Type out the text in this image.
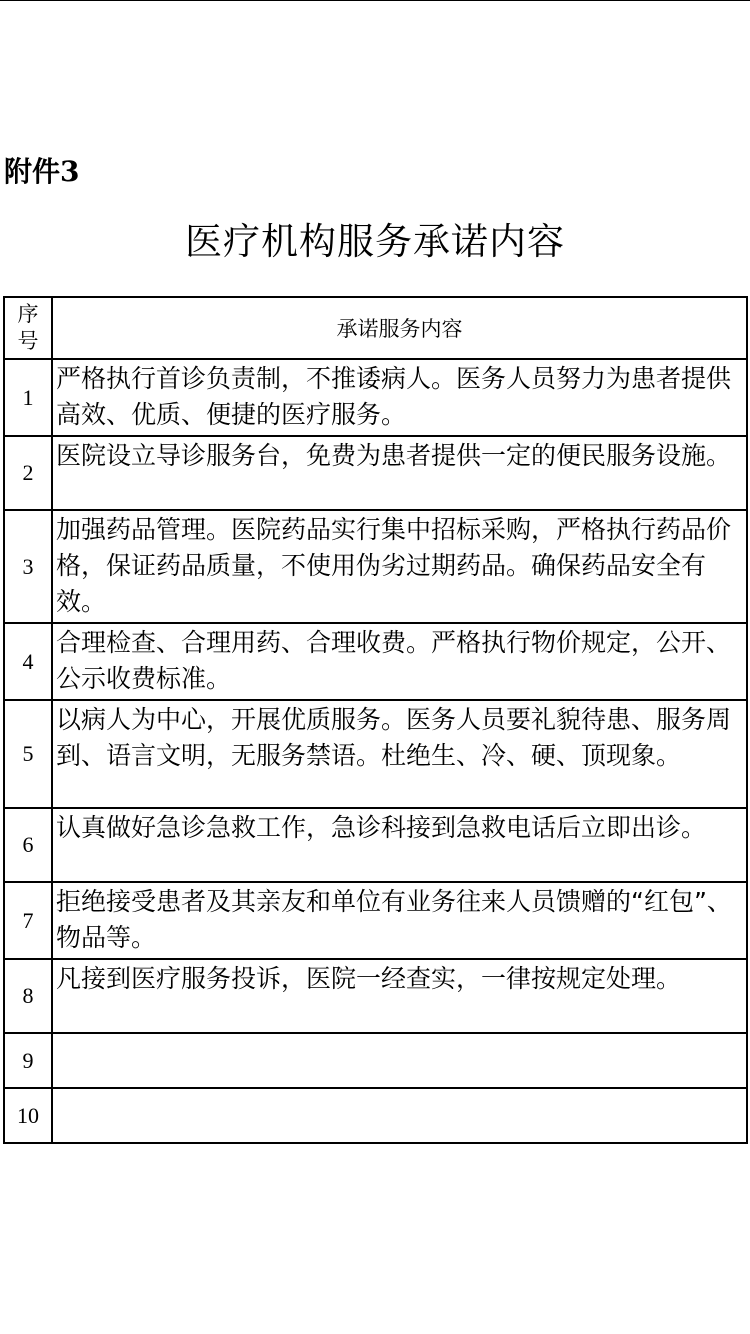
附件3
医疗机构服务承诺内容
序
号	承诺服务内容
1	严格执行首诊负责制，不推诿病人。医务人员努力为患者提供高效、优质、便捷的医疗服务。
2	医院设立导诊服务台，免费为患者提供一定的便民服务设施。
3	加强药品管理。医院药品实行集中招标采购，严格执行药品价格，保证药品质量，不使用伪劣过期药品。确保药品安全有效。
4	合理检查、合理用药、合理收费。严格执行物价规定，公开、公示收费标准。
5	以病人为中心，开展优质服务。医务人员要礼貌待患、服务周到、语言文明，无服务禁语。杜绝生、冷、硬、顶现象。
6	认真做好急诊急救工作，急诊科接到急救电话后立即出诊。
7	拒绝接受患者及其亲友和单位有业务往来人员馈赠的“红包”、物品等。
8	凡接到医疗服务投诉，医院一经查实，一律按规定处理。
9	
10	
